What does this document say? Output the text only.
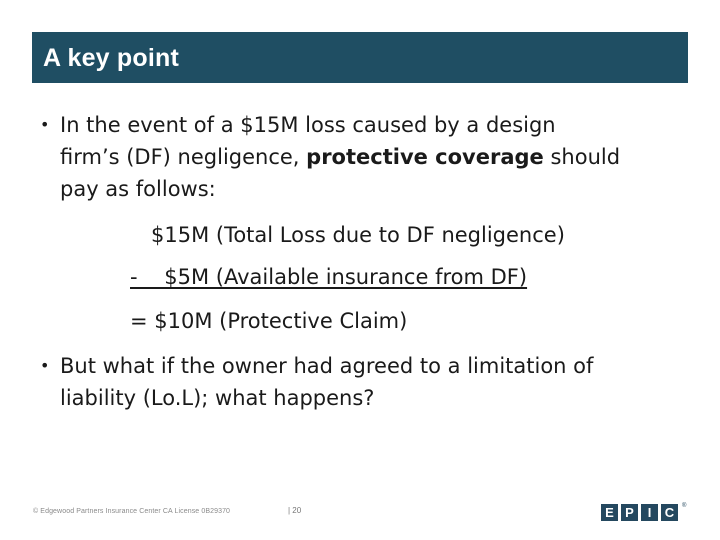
A key point
• In the event of a $15M loss caused by a design
firm’s (DF) negligence, protective coverage should
pay as follows:
$15M (Total Loss due to DF negligence)
-    $5M (Available insurance from DF)
= $10M (Protective Claim)
• But what if the owner had agreed to a limitation of
liability (Lo.L); what happens?
© Edgewood Partners Insurance Center CA License 0B29370	| 20	E P	I	C	®
